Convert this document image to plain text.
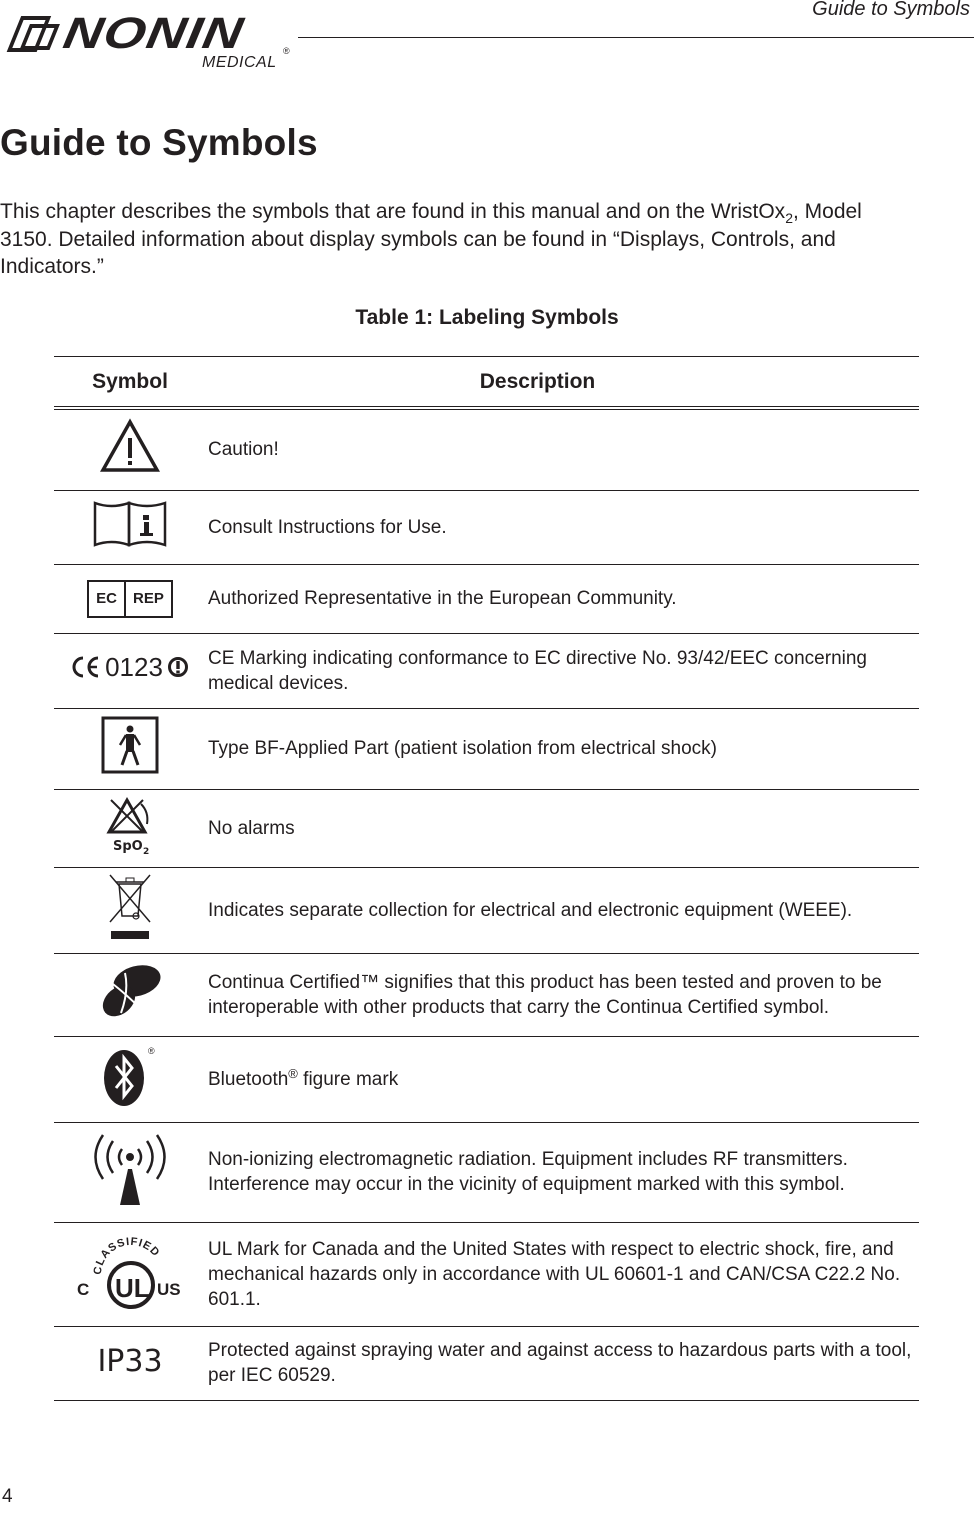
NONIN	®
MEDICAL
Guide to Symbols
Guide to Symbols

This chapter describes the symbols that are found in this manual and on the WristOx$_2$, Model 3150. Detailed information about display symbols can be found in “Displays, Controls, and Indicators.”

Table 1: Labeling Symbols
Symbol	Description
	Caution!
	Consult Instructions for Use.

EC REP	Authorized Representative in the European Community.

0123	CE Marking indicating conformance to EC directive No. 93/42/EEC concerning medical devices.
	Type BF-Applied Part (patient isolation from electrical shock)

SpO 2	No alarms
	Indicates separate collection for electrical and electronic equipment (WEEE).
	Continua Certified™ signifies that this product has been tested and proven to be interoperable with other products that carry the Continua Certified symbol.

®	Bluetooth® figure mark
	Non-ionizing electromagnetic radiation. Equipment includes RF transmitters. Interference may occur in the vicinity of equipment marked with this symbol.

CLASSIFIED
UL
C US	UL Mark for Canada and the United States with respect to electric shock, fire, and mechanical hazards only in accordance with UL 60601-1 and CAN/CSA C22.2 No. 601.1.
IP33	Protected against spraying water and against access to hazardous parts with a tool, per IEC 60529.
4
